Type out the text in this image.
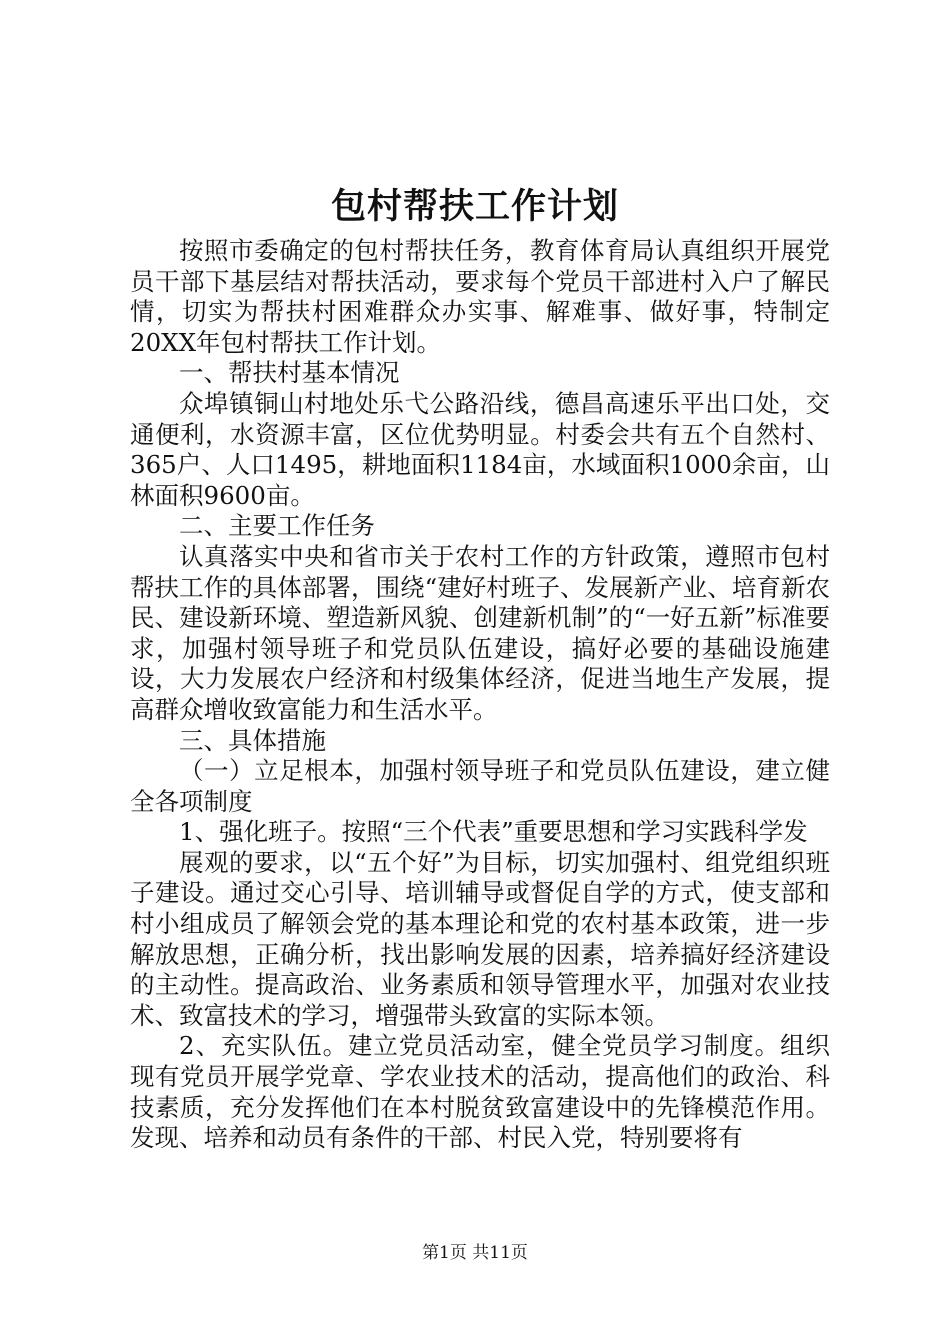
包村帮扶工作计划

按照市委确定的包村帮扶任务，教育体育局认真组织开展党员干部下基层结对帮扶活动，要求每个党员干部进村入户了解民情，切实为帮扶村困难群众办实事、解难事、做好事，特制定20XX年包村帮扶工作计划。

一、帮扶村基本情况

众埠镇铜山村地处乐弋公路沿线，德昌高速乐平出口处，交通便利，水资源丰富，区位优势明显。村委会共有五个自然村、365户、人口1495，耕地面积1184亩，水域面积1000余亩，山林面积9600亩。

二、主要工作任务

认真落实中央和省市关于农村工作的方针政策，遵照市包村帮扶工作的具体部署，围绕“建好村班子、发展新产业、培育新农民、建设新环境、塑造新风貌、创建新机制”的“一好五新”标准要求，加强村领导班子和党员队伍建设，搞好必要的基础设施建设，大力发展农户经济和村级集体经济，促进当地生产发展，提高群众增收致富能力和生活水平。

三、具体措施

（一）立足根本，加强村领导班子和党员队伍建设，建立健全各项制度

1、强化班子。按照“三个代表”重要思想和学习实践科学发

展观的要求，以“五个好”为目标，切实加强村、组党组织班子建设。通过交心引导、培训辅导或督促自学的方式，使支部和村小组成员了解领会党的基本理论和党的农村基本政策，进一步解放思想，正确分析，找出影响发展的因素，培养搞好经济建设的主动性。提高政治、业务素质和领导管理水平，加强对农业技术、致富技术的学习，增强带头致富的实际本领。

2、充实队伍。建立党员活动室，健全党员学习制度。组织现有党员开展学党章、学农业技术的活动，提高他们的政治、科技素质，充分发挥他们在本村脱贫致富建设中的先锋模范作用。发现、培养和动员有条件的干部、村民入党，特别要将有

第1页 共11页
